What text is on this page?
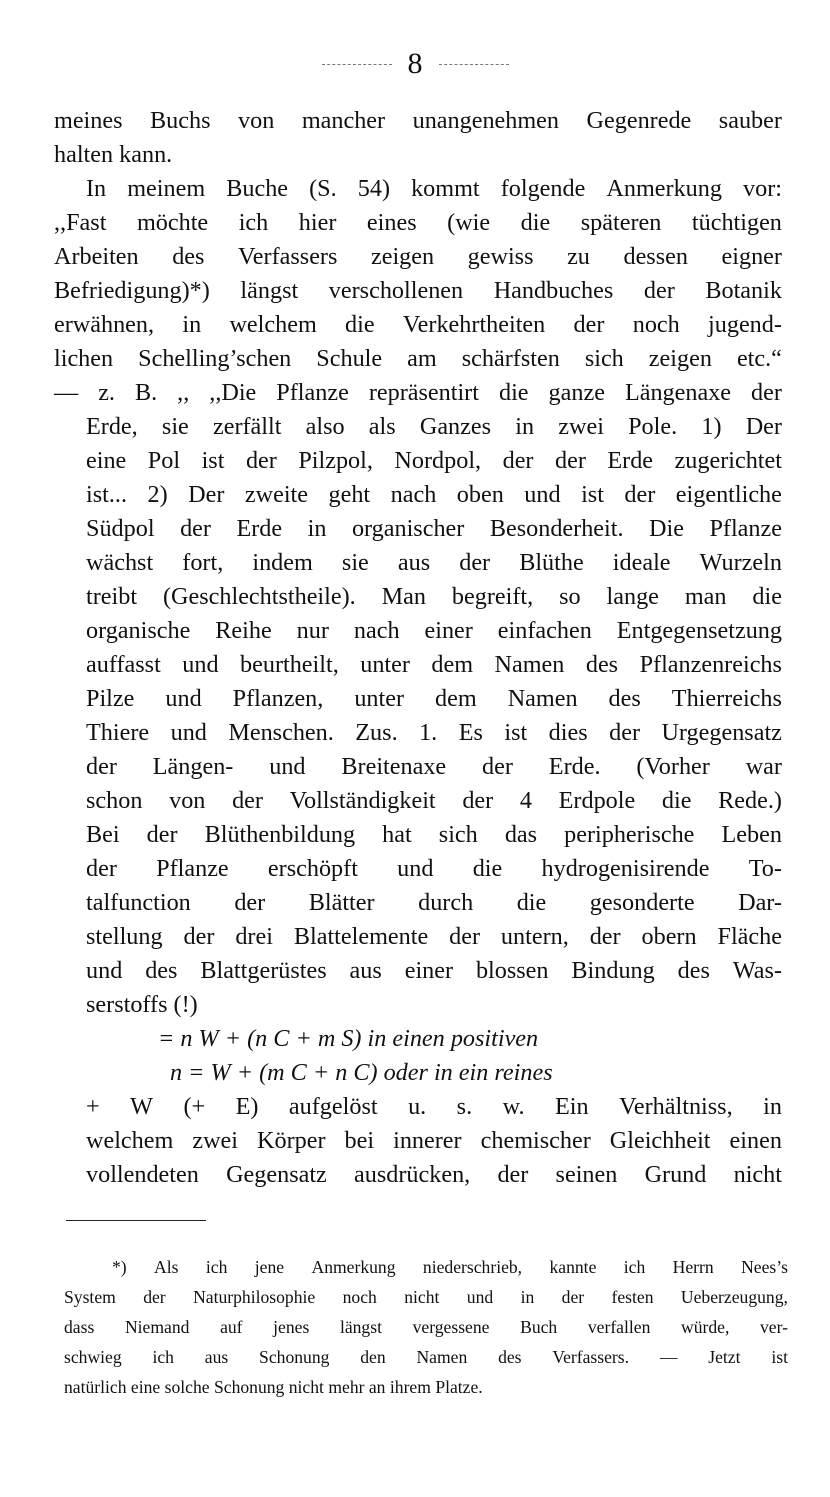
8
meines Buchs von mancher unangenehmen Gegenrede sauber
halten kann.
In meinem Buche (S. 54) kommt folgende Anmerkung vor:
,,Fast möchte ich hier eines (wie die späteren tüchtigen
Arbeiten des Verfassers zeigen gewiss zu dessen eigner
Befriedigung)*) längst verschollenen Handbuches der Botanik
erwähnen, in welchem die Verkehrtheiten der noch jugend-
lichen Schelling’schen Schule am schärfsten sich zeigen etc.“
— z. B. ,, ,,Die Pflanze repräsentirt die ganze Längenaxe der
Erde, sie zerfällt also als Ganzes in zwei Pole. 1) Der
eine Pol ist der Pilzpol, Nordpol, der der Erde zugerichtet
ist... 2) Der zweite geht nach oben und ist der eigentliche
Südpol der Erde in organischer Besonderheit. Die Pflanze
wächst fort, indem sie aus der Blüthe ideale Wurzeln
treibt (Geschlechtstheile). Man begreift, so lange man die
organische Reihe nur nach einer einfachen Entgegensetzung
auffasst und beurtheilt, unter dem Namen des Pflanzenreichs
Pilze und Pflanzen, unter dem Namen des Thierreichs
Thiere und Menschen. Zus. 1. Es ist dies der Urgegensatz
der Längen- und Breitenaxe der Erde. (Vorher war
schon von der Vollständigkeit der 4 Erdpole die Rede.)
Bei der Blüthenbildung hat sich das peripherische Leben
der Pflanze erschöpft und die hydrogenisirende To-
talfunction der Blätter durch die gesonderte Dar-
stellung der drei Blattelemente der untern, der obern Fläche
und des Blattgerüstes aus einer blossen Bindung des Was-
serstoffs (!)
= n W + (n C + m S) in einen positiven
n = W + (m C + n C) oder in ein reines
+ W (+ E) aufgelöst u. s. w. Ein Verhältniss, in
welchem zwei Körper bei innerer chemischer Gleichheit einen
vollendeten Gegensatz ausdrücken, der seinen Grund nicht
*) Als ich jene Anmerkung niederschrieb, kannte ich Herrn Nees’s
System der Naturphilosophie noch nicht und in der festen Ueberzeugung,
dass Niemand auf jenes längst vergessene Buch verfallen würde, ver-
schwieg ich aus Schonung den Namen des Verfassers. — Jetzt ist
natürlich eine solche Schonung nicht mehr an ihrem Platze.
